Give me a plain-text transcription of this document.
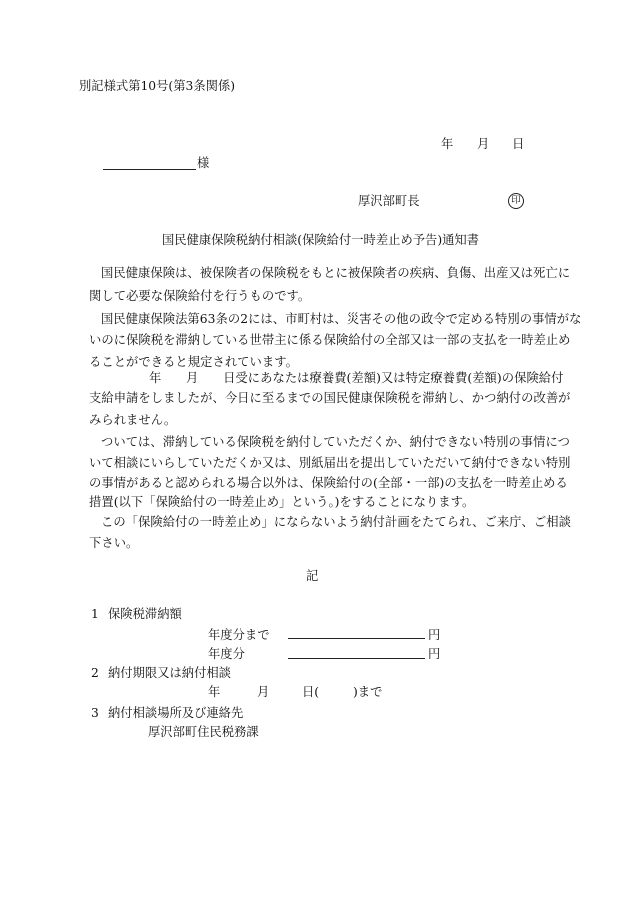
別記様式第10号(第3条関係)
年 月 日
様
厚沢部町長	印
国民健康保険税納付相談(保険給付一時差止め予告)通知書
国民健康保険は、被保険者の保険税をもとに被保険者の疾病、負傷、出産又は死亡に
関して必要な保険給付を行うものです。
国民健康保険法第63条の2には、市町村は、災害その他の政令で定める特別の事情がな
いのに保険税を滞納している世帯主に係る保険給付の全部又は一部の支払を一時差止め
ることができると規定されています。
年　　月　　日受にあなたは療養費(差額)又は特定療養費(差額)の保険給付
支給申請をしましたが、今日に至るまでの国民健康保険税を滞納し、かつ納付の改善が
みられません。
ついては、滞納している保険税を納付していただくか、納付できない特別の事情につ
いて相談にいらしていただくか又は、別紙届出を提出していただいて納付できない特別
の事情があると認められる場合以外は、保険給付の(全部・一部)の支払を一時差止める
措置(以下「保険給付の一時差止め」という。)をすることになります。
この「保険給付の一時差止め」にならないよう納付計画をたてられ、ご来庁、ご相談
下さい。
記
1 保険税滞納額
年度分まで	円
年度分	円
2 納付期限又は納付相談
年	月	日(	)まで
3 納付相談場所及び連絡先
厚沢部町住民税務課
